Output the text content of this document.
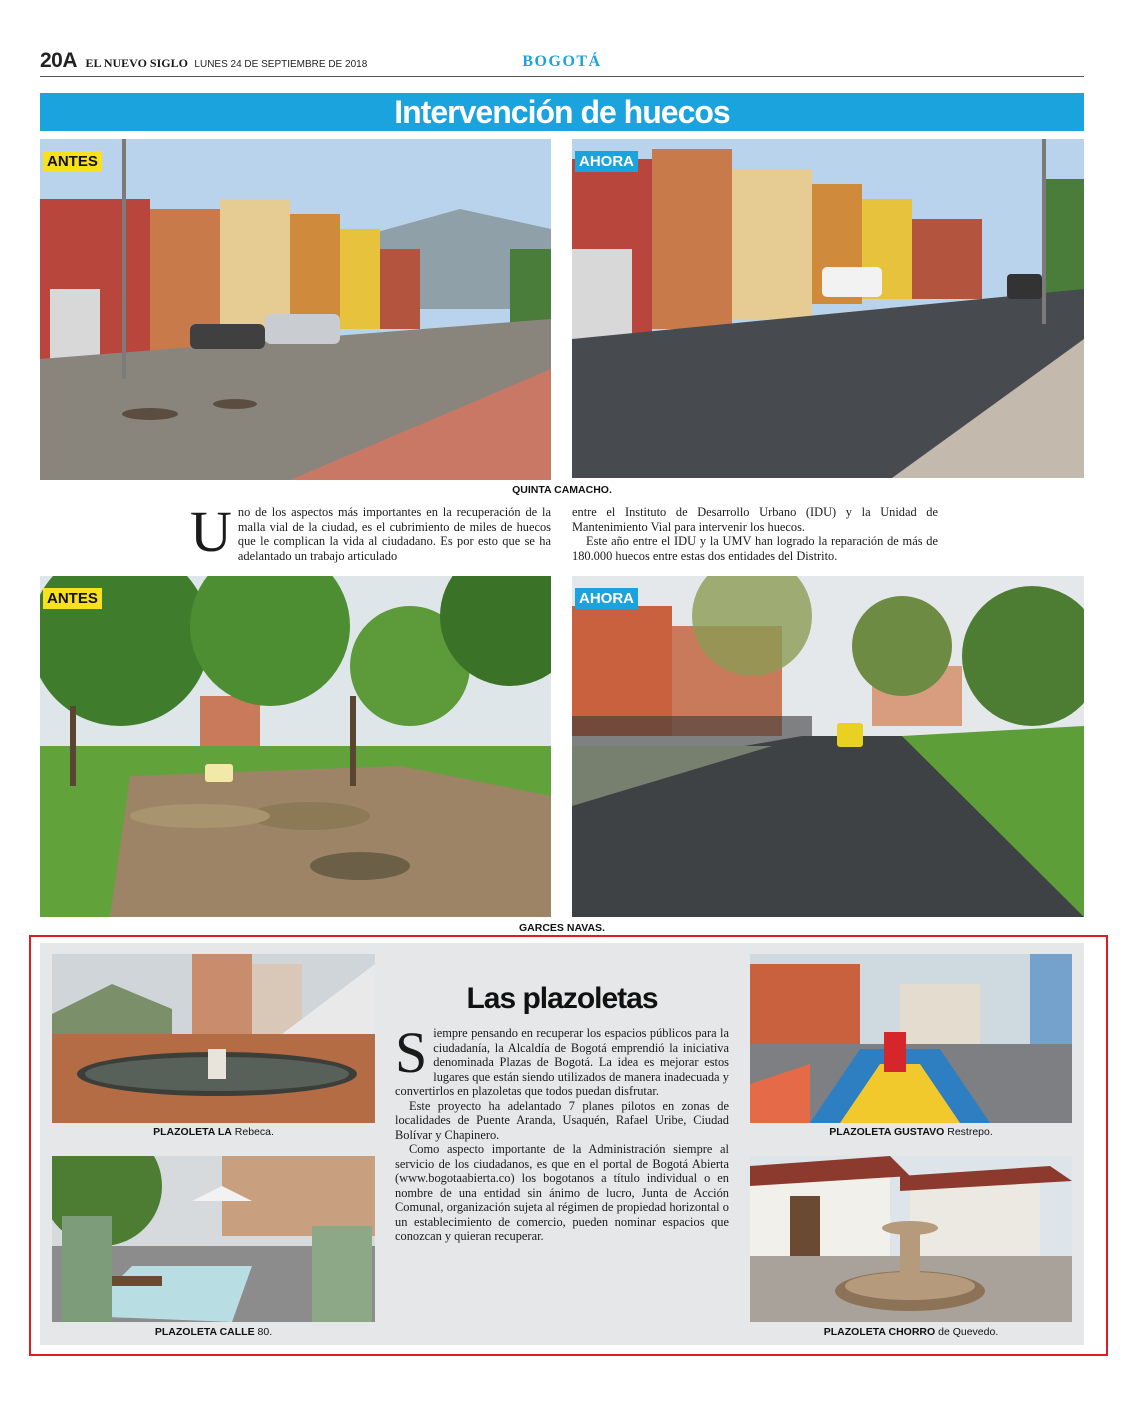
20A EL NUEVO SIGLO LUNES 24 DE SEPTIEMBRE DE 2018	BOGOTÁ
Intervención de huecos
ANTES	AHORA
QUINTA CAMACHO.
U no de los aspectos más importantes en la recuperación de la malla vial de la ciudad, es el cubrimiento de miles de huecos que le complican la vida al ciudadano. Es por esto que se ha adelantado un trabajo articulado

entre el Instituto de Desarrollo Urbano (IDU) y la Unidad de Mantenimiento Vial para intervenir los huecos.

Este año entre el IDU y la UMV han logrado la reparación de más de 180.000 huecos entre estas dos entidades del Distrito.

ANTES	AHORA
GARCES NAVAS.
PLAZOLETA LA Rebeca.
PLAZOLETA CALLE 80.
PLAZOLETA GUSTAVO Restrepo.
PLAZOLETA CHORRO de Quevedo.
Las plazoletas
S iempre pensando en recuperar los espacios públicos para la ciudadanía, la Alcaldía de Bogotá emprendió la iniciativa denominada Plazas de Bogotá. La idea es mejorar estos lugares que están siendo utilizados de manera inadecuada y convertirlos en plazoletas que todos puedan disfrutar.

Este proyecto ha adelantado 7 planes pilotos en zonas de localidades de Puente Aranda, Usaquén, Rafael Uribe, Ciudad Bolívar y Chapinero.

Como aspecto importante de la Administración siempre al servicio de los ciudadanos, es que en el portal de Bogotá Abierta (www.bogotaabierta.co) los bogotanos a título individual o en nombre de una entidad sin ánimo de lucro, Junta de Acción Comunal, organización sujeta al régimen de propiedad horizontal o un establecimiento de comercio, pueden nominar espacios que conozcan y quieran recuperar.
